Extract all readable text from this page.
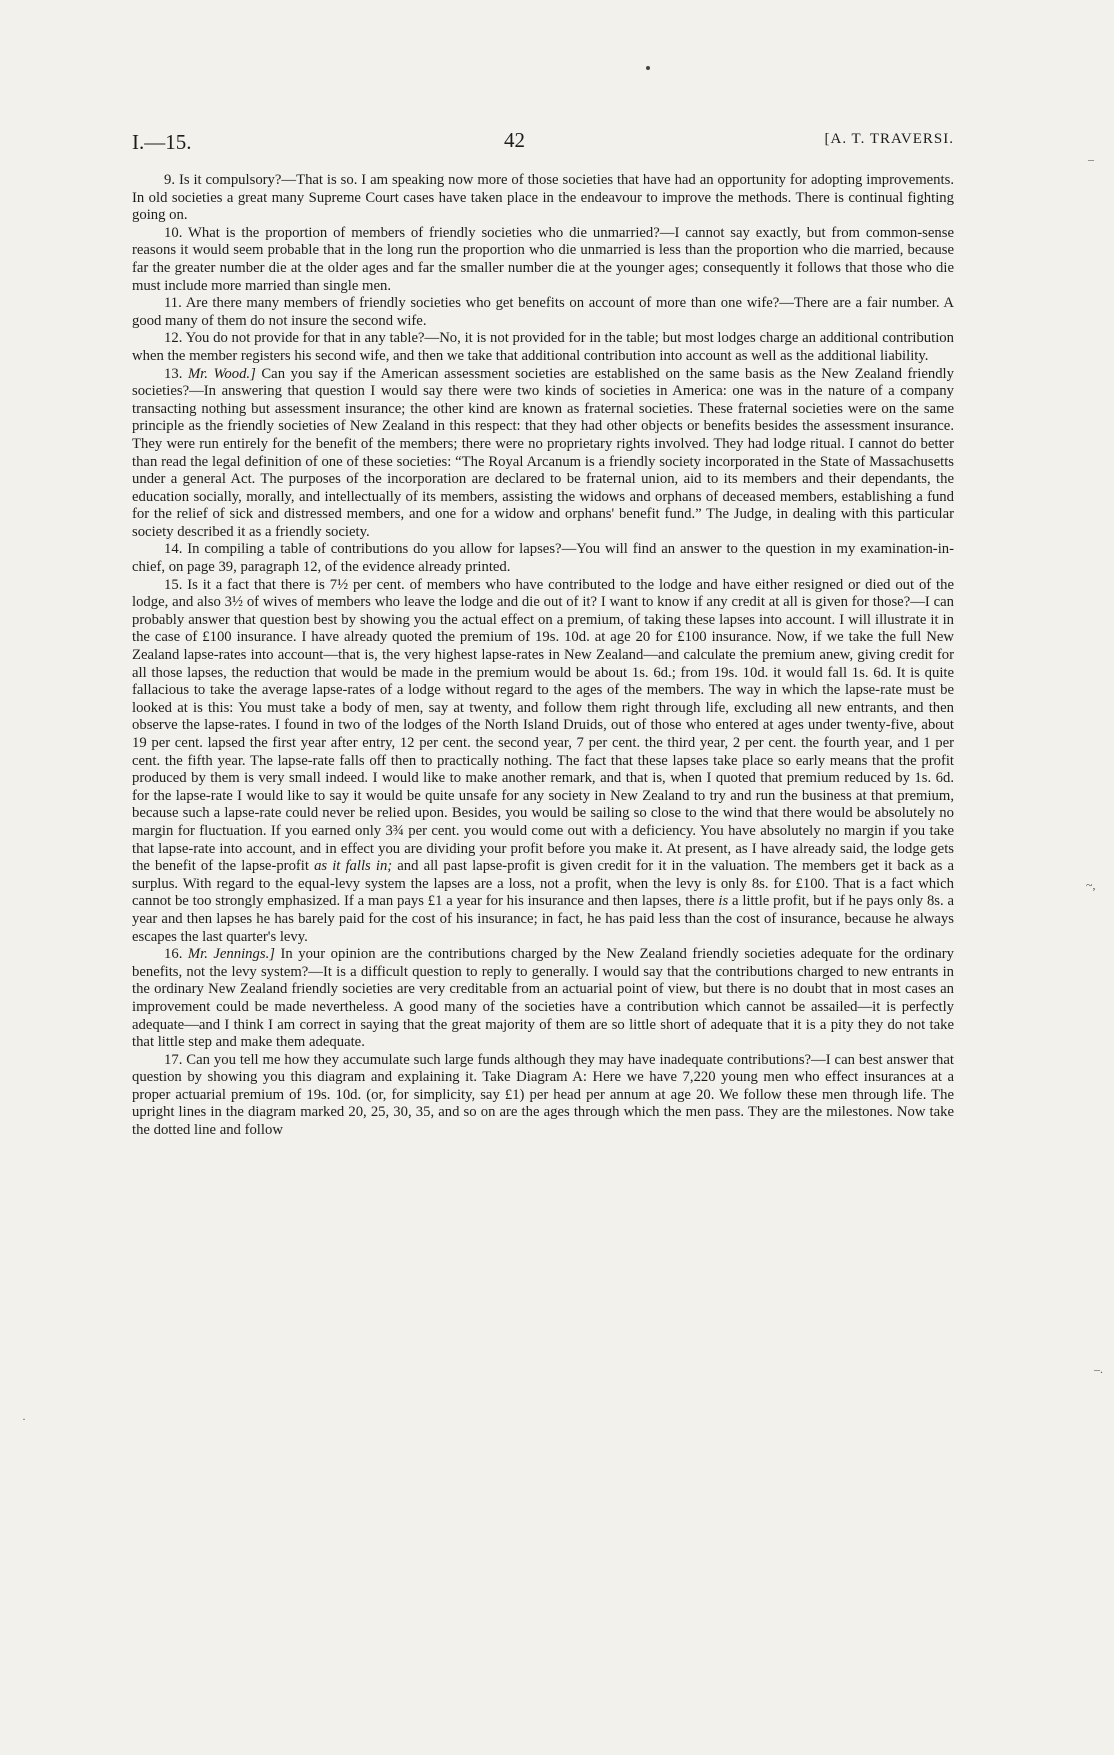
–
~,
–.
·
I.—15.	42	[A. T. TRAVERSI.

9. Is it compulsory?—That is so. I am speaking now more of those societies that have had an opportunity for adopting improvements. In old societies a great many Supreme Court cases have taken place in the endeavour to improve the methods. There is continual fighting going on.

10. What is the proportion of members of friendly societies who die unmarried?—I cannot say exactly, but from common-sense reasons it would seem probable that in the long run the proportion who die unmarried is less than the proportion who die married, because far the greater number die at the older ages and far the smaller number die at the younger ages; consequently it follows that those who die must include more married than single men.

11. Are there many members of friendly societies who get benefits on account of more than one wife?—There are a fair number. A good many of them do not insure the second wife.

12. You do not provide for that in any table?—No, it is not provided for in the table; but most lodges charge an additional contribution when the member registers his second wife, and then we take that additional contribution into account as well as the additional liability.

13. Mr. Wood.] Can you say if the American assessment societies are established on the same basis as the New Zealand friendly societies?—In answering that question I would say there were two kinds of societies in America: one was in the nature of a company transacting nothing but assessment insurance; the other kind are known as fraternal societies. These fraternal societies were on the same principle as the friendly societies of New Zealand in this respect: that they had other objects or benefits besides the assessment insurance. They were run entirely for the benefit of the members; there were no proprietary rights involved. They had lodge ritual. I cannot do better than read the legal definition of one of these societies: “The Royal Arcanum is a friendly society incorporated in the State of Massachusetts under a general Act. The purposes of the incorporation are declared to be fraternal union, aid to its members and their dependants, the education socially, morally, and intellectually of its members, assisting the widows and orphans of deceased members, establishing a fund for the relief of sick and distressed members, and one for a widow and orphans' benefit fund.” The Judge, in dealing with this particular society described it as a friendly society.

14. In compiling a table of contributions do you allow for lapses?—You will find an answer to the question in my examination-in-chief, on page 39, paragraph 12, of the evidence already printed.

15. Is it a fact that there is 7½ per cent. of members who have contributed to the lodge and have either resigned or died out of the lodge, and also 3½ of wives of members who leave the lodge and die out of it? I want to know if any credit at all is given for those?—I can probably answer that question best by showing you the actual effect on a premium, of taking these lapses into account. I will illustrate it in the case of £100 insurance. I have already quoted the premium of 19s. 10d. at age 20 for £100 insurance. Now, if we take the full New Zealand lapse-rates into account—that is, the very highest lapse-rates in New Zealand—and calculate the premium anew, giving credit for all those lapses, the reduction that would be made in the premium would be about 1s. 6d.; from 19s. 10d. it would fall 1s. 6d. It is quite fallacious to take the average lapse-rates of a lodge without regard to the ages of the members. The way in which the lapse-rate must be looked at is this: You must take a body of men, say at twenty, and follow them right through life, excluding all new entrants, and then observe the lapse-rates. I found in two of the lodges of the North Island Druids, out of those who entered at ages under twenty-five, about 19 per cent. lapsed the first year after entry, 12 per cent. the second year, 7 per cent. the third year, 2 per cent. the fourth year, and 1 per cent. the fifth year. The lapse-rate falls off then to practically nothing. The fact that these lapses take place so early means that the profit produced by them is very small indeed. I would like to make another remark, and that is, when I quoted that premium reduced by 1s. 6d. for the lapse-rate I would like to say it would be quite unsafe for any society in New Zealand to try and run the business at that premium, because such a lapse-rate could never be relied upon. Besides, you would be sailing so close to the wind that there would be absolutely no margin for fluctuation. If you earned only 3¾ per cent. you would come out with a deficiency. You have absolutely no margin if you take that lapse-rate into account, and in effect you are dividing your profit before you make it. At present, as I have already said, the lodge gets the benefit of the lapse-profit as it falls in; and all past lapse-profit is given credit for it in the valuation. The members get it back as a surplus. With regard to the equal-levy system the lapses are a loss, not a profit, when the levy is only 8s. for £100. That is a fact which cannot be too strongly emphasized. If a man pays £1 a year for his insurance and then lapses, there is a little profit, but if he pays only 8s. a year and then lapses he has barely paid for the cost of his insurance; in fact, he has paid less than the cost of insurance, because he always escapes the last quarter's levy.

16. Mr. Jennings.] In your opinion are the contributions charged by the New Zealand friendly societies adequate for the ordinary benefits, not the levy system?—It is a difficult question to reply to generally. I would say that the contributions charged to new entrants in the ordinary New Zealand friendly societies are very creditable from an actuarial point of view, but there is no doubt that in most cases an improvement could be made nevertheless. A good many of the societies have a contribution which cannot be assailed—it is perfectly adequate—and I think I am correct in saying that the great majority of them are so little short of adequate that it is a pity they do not take that little step and make them adequate.

17. Can you tell me how they accumulate such large funds although they may have inadequate contributions?—I can best answer that question by showing you this diagram and explaining it. Take Diagram A: Here we have 7,220 young men who effect insurances at a proper actuarial premium of 19s. 10d. (or, for simplicity, say £1) per head per annum at age 20. We follow these men through life. The upright lines in the diagram marked 20, 25, 30, 35, and so on are the ages through which the men pass. They are the milestones. Now take the dotted line and follow
